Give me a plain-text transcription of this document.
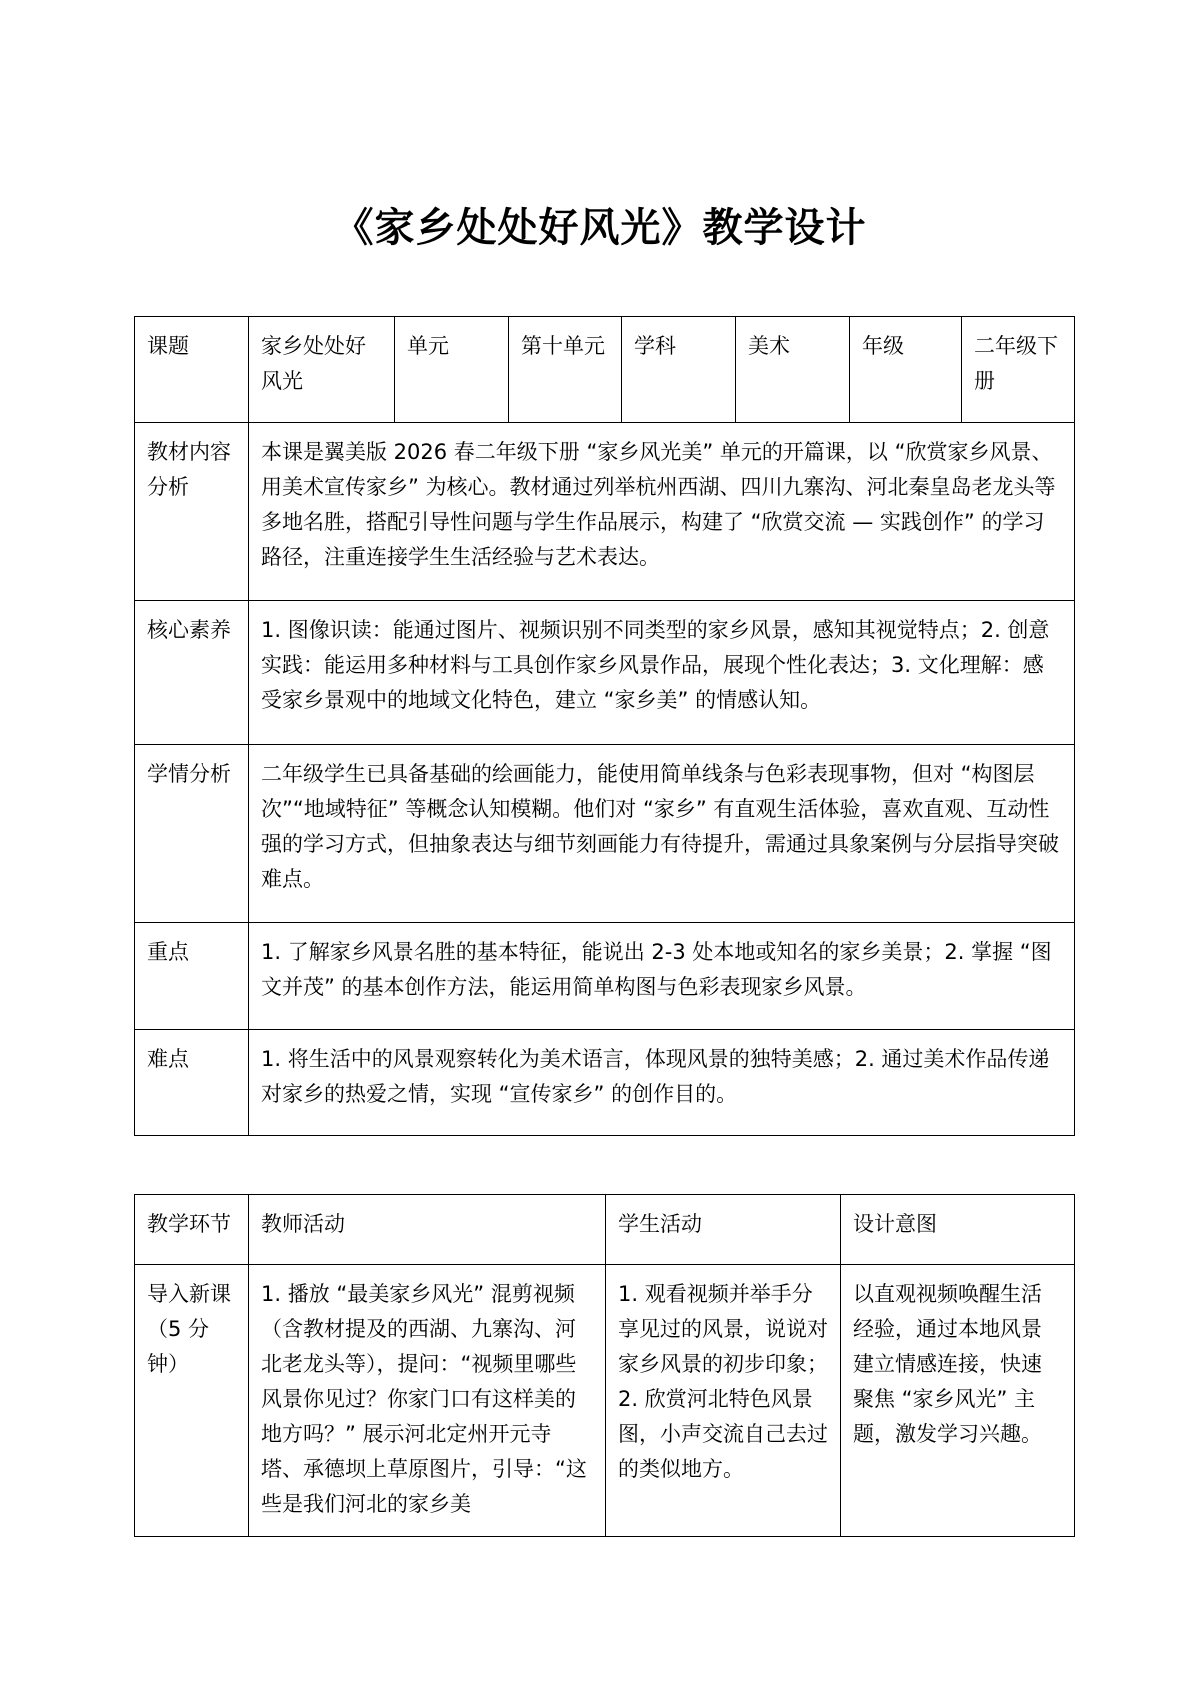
《家乡处处好风光》教学设计
课题	家乡处处好风光	单元	第十单元	学科	美术	年级	二年级下册
教材内容分析	本课是翼美版 2026 春二年级下册 “家乡风光美” 单元的开篇课，以 “欣赏家乡风景、用美术宣传家乡” 为核心。教材通过列举杭州西湖、四川九寨沟、河北秦皇岛老龙头等多地名胜，搭配引导性问题与学生作品展示，构建了 “欣赏交流 — 实践创作” 的学习路径，注重连接学生生活经验与艺术表达。						
核心素养	1. 图像识读：能通过图片、视频识别不同类型的家乡风景，感知其视觉特点；2. 创意实践：能运用多种材料与工具创作家乡风景作品，展现个性化表达；3. 文化理解：感受家乡景观中的地域文化特色，建立 “家乡美” 的情感认知。						
学情分析	二年级学生已具备基础的绘画能力，能使用简单线条与色彩表现事物，但对 “构图层次”“地域特征” 等概念认知模糊。他们对 “家乡” 有直观生活体验，喜欢直观、互动性强的学习方式，但抽象表达与细节刻画能力有待提升，需通过具象案例与分层指导突破难点。						
重点	1. 了解家乡风景名胜的基本特征，能说出 2-3 处本地或知名的家乡美景；2. 掌握 “图文并茂” 的基本创作方法，能运用简单构图与色彩表现家乡风景。						
难点	1. 将生活中的风景观察转化为美术语言，体现风景的独特美感；2. 通过美术作品传递对家乡的热爱之情，实现 “宣传家乡” 的创作目的。						
教学环节	教师活动	学生活动	设计意图
导入新课（5 分钟）	1. 播放 “最美家乡风光” 混剪视频（含教材提及的西湖、九寨沟、河北老龙头等），提问：“视频里哪些风景你见过？你家门口有这样美的地方吗？” 展示河北定州开元寺塔、承德坝上草原图片，引导：“这些是我们河北的家乡美	1. 观看视频并举手分享见过的风景，说说对家乡风景的初步印象；2. 欣赏河北特色风景图，小声交流自己去过的类似地方。	以直观视频唤醒生活经验，通过本地风景建立情感连接，快速聚焦 “家乡风光” 主题，激发学习兴趣。
